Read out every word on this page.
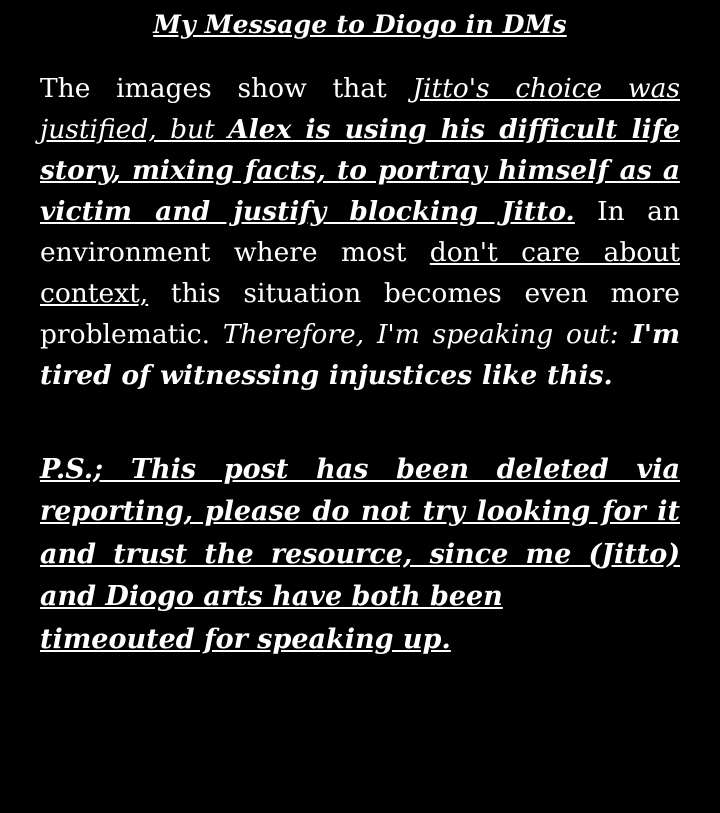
My Message to Diogo in DMs

The images show that Jitto's choice was justified, but Alex is using his difficult life story, mixing facts, to portray himself as a victim and justify blocking Jitto. In an environment where most don't care about context, this situation becomes even more problematic. Therefore, I'm speaking out: I'm tired of witnessing injustices like this.

P.S.; This post has been deleted via reporting, please do not try looking for it and trust the resource, since me (Jitto) and Diogo arts have both been

timeouted for speaking up.
